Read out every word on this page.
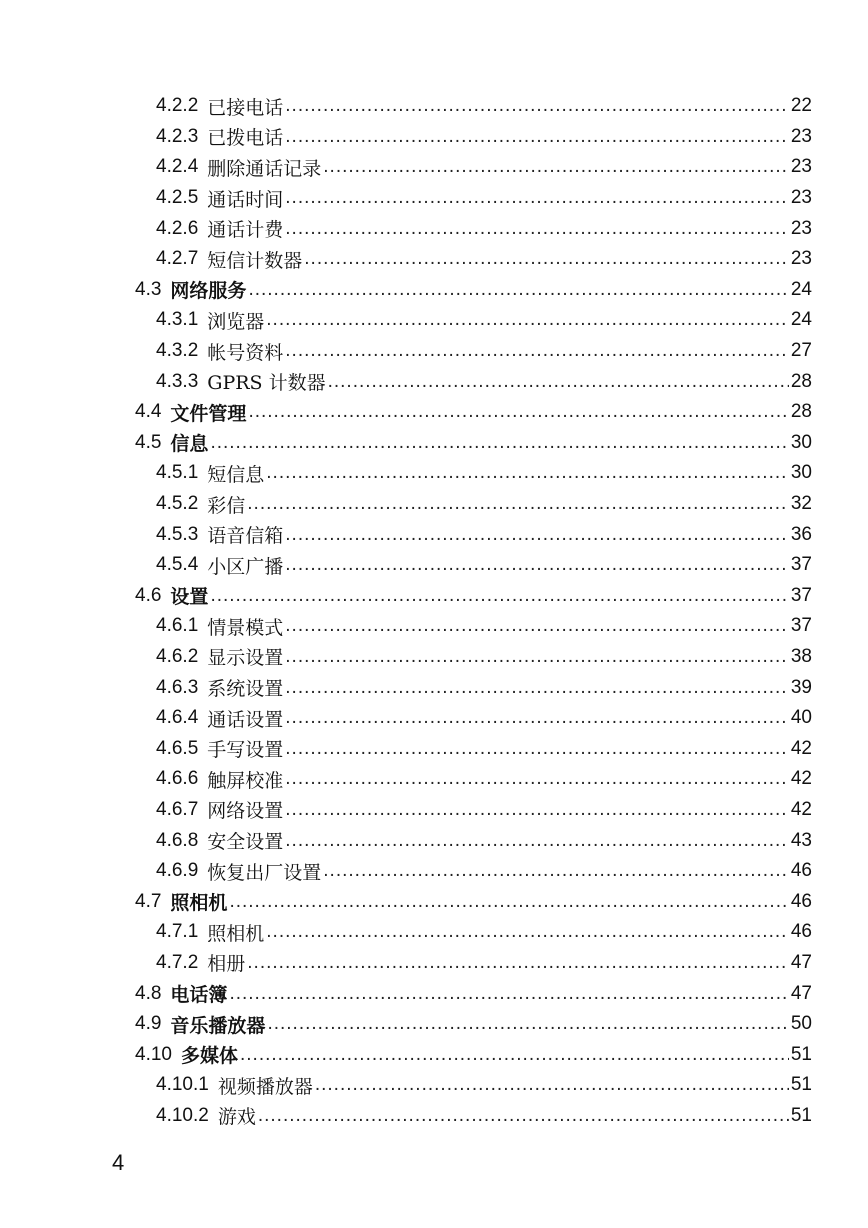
4.2.2 已接电话 .....	22
4.2.3 已拨电话 .....	23
4.2.4 删除通话记录 .....	23
4.2.5 通话时间 .....	23
4.2.6 通话计费 .....	23
4.2.7 短信计数器 .....	23
4.3 网络服务 .....	24
4.3.1 浏览器 .....	24
4.3.2 帐号资料 .....	27
4.3.3 GPRS 计数器 .....	28
4.4 文件管理 .....	28
4.5 信息 .....	30
4.5.1 短信息 .....	30
4.5.2 彩信 .....	32
4.5.3 语音信箱 .....	36
4.5.4 小区广播 .....	37
4.6 设置 .....	37
4.6.1 情景模式 .....	37
4.6.2 显示设置 .....	38
4.6.3 系统设置 .....	39
4.6.4 通话设置 .....	40
4.6.5 手写设置 .....	42
4.6.6 触屏校准 .....	42
4.6.7 网络设置 .....	42
4.6.8 安全设置 .....	43
4.6.9 恢复出厂设置 .....	46
4.7 照相机 .....	46
4.7.1 照相机 .....	46
4.7.2 相册 .....	47
4.8 电话簿 .....	47
4.9 音乐播放器 .....	50
4.10 多媒体 .....	51
4.10.1 视频播放器 .....	51
4.10.2 游戏 .....	51
4
